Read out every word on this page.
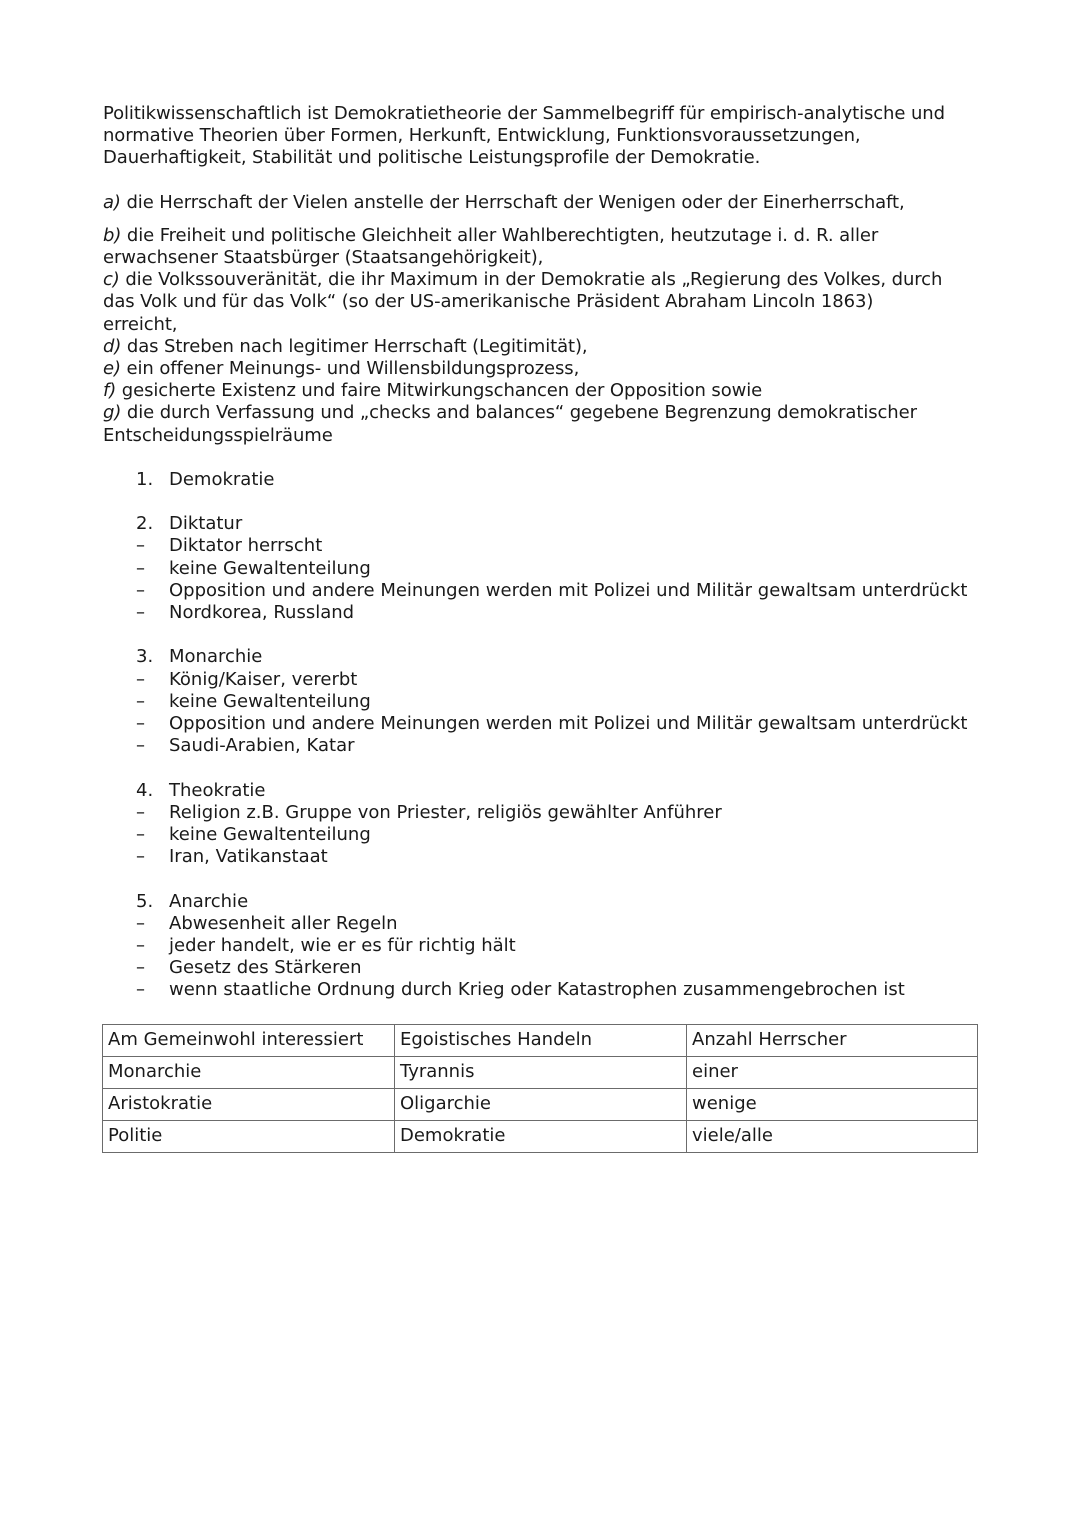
Politikwissenschaftlich ist Demokratietheorie der Sammelbegriff für empirisch-analytische und

normative Theorien über Formen, Herkunft, Entwicklung, Funktionsvoraussetzungen,

Dauerhaftigkeit, Stabilität und politische Leistungsprofile der Demokratie.

a) die Herrschaft der Vielen anstelle der Herrschaft der Wenigen oder der Einerherrschaft,

b) die Freiheit und politische Gleichheit aller Wahlberechtigten, heutzutage i. d. R. aller

erwachsener Staatsbürger (Staatsangehörigkeit),

c) die Volkssouveränität, die ihr Maximum in der Demokratie als „Regierung des Volkes, durch

das Volk und für das Volk“ (so der US-amerikanische Präsident Abraham Lincoln 1863)

erreicht,

d) das Streben nach legitimer Herrschaft (Legitimität),

e) ein offener Meinungs- und Willensbildungsprozess,

f) gesicherte Existenz und faire Mitwirkungschancen der Opposition sowie

g) die durch Verfassung und „checks and balances“ gegebene Begrenzung demokratischer

Entscheidungsspielräume

1. Demokratie
2. Diktatur
– Diktator herrscht
– keine Gewaltenteilung
– Opposition und andere Meinungen werden mit Polizei und Militär gewaltsam unterdrückt
– Nordkorea, Russland
3. Monarchie
– König/Kaiser, vererbt
– keine Gewaltenteilung
– Opposition und andere Meinungen werden mit Polizei und Militär gewaltsam unterdrückt
– Saudi-Arabien, Katar
4. Theokratie
– Religion z.B. Gruppe von Priester, religiös gewählter Anführer
– keine Gewaltenteilung
– Iran, Vatikanstaat
5. Anarchie
– Abwesenheit aller Regeln
– jeder handelt, wie er es für richtig hält
– Gesetz des Stärkeren
– wenn staatliche Ordnung durch Krieg oder Katastrophen zusammengebrochen ist
Am Gemeinwohl interessiert	Egoistisches Handeln	Anzahl Herrscher
Monarchie	Tyrannis	einer
Aristokratie	Oligarchie	wenige
Politie	Demokratie	viele/alle
